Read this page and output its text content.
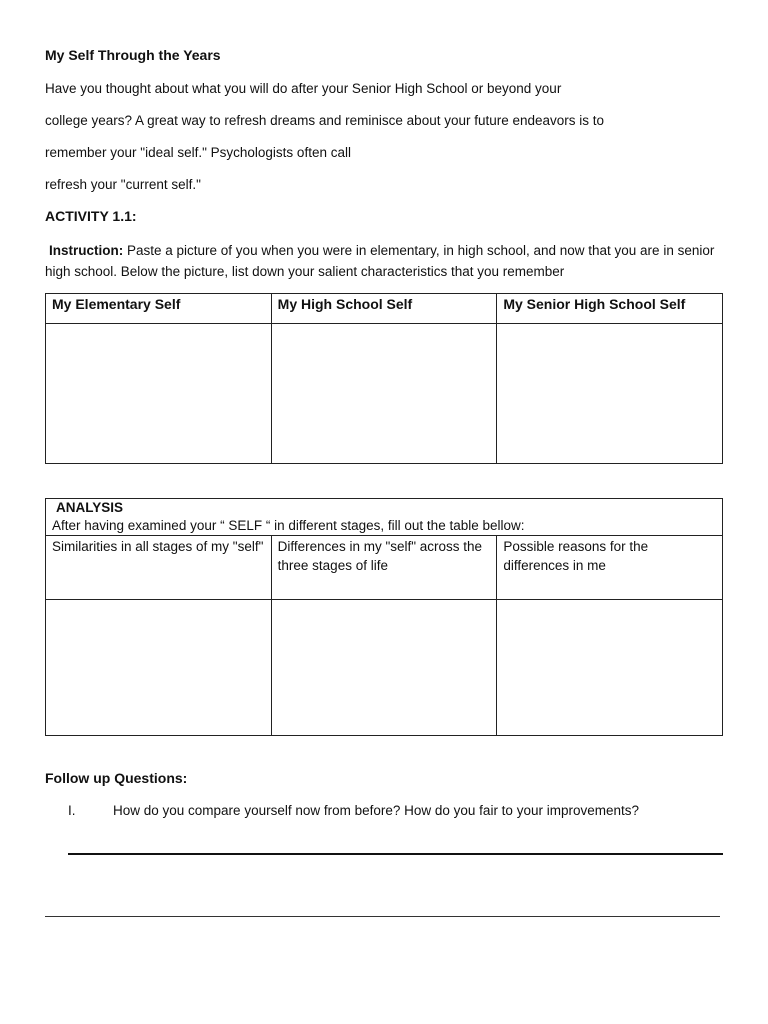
My Self Through the Years
Have you thought about what you will do after your Senior High School or beyond your
college years? A great way to refresh dreams and reminisce about your future endeavors is to
remember your "ideal self." Psychologists often call
refresh your "current self."
ACTIVITY 1.1:
Instruction: Paste a picture of you when you were in elementary, in high school, and now that you are in senior high school. Below the picture, list down your salient characteristics that you remember
My Elementary Self	My High School Self	My Senior High School Self

ANALYSIS
After having examined your “ SELF “ in different stages, fill out the table bellow:		

Similarities in all stages of my "self"	Differences in my "self" across the three stages of life	Possible reasons for the differences in me

Follow up Questions:
I.	How do you compare yourself now from before? How do you fair to your improvements?
